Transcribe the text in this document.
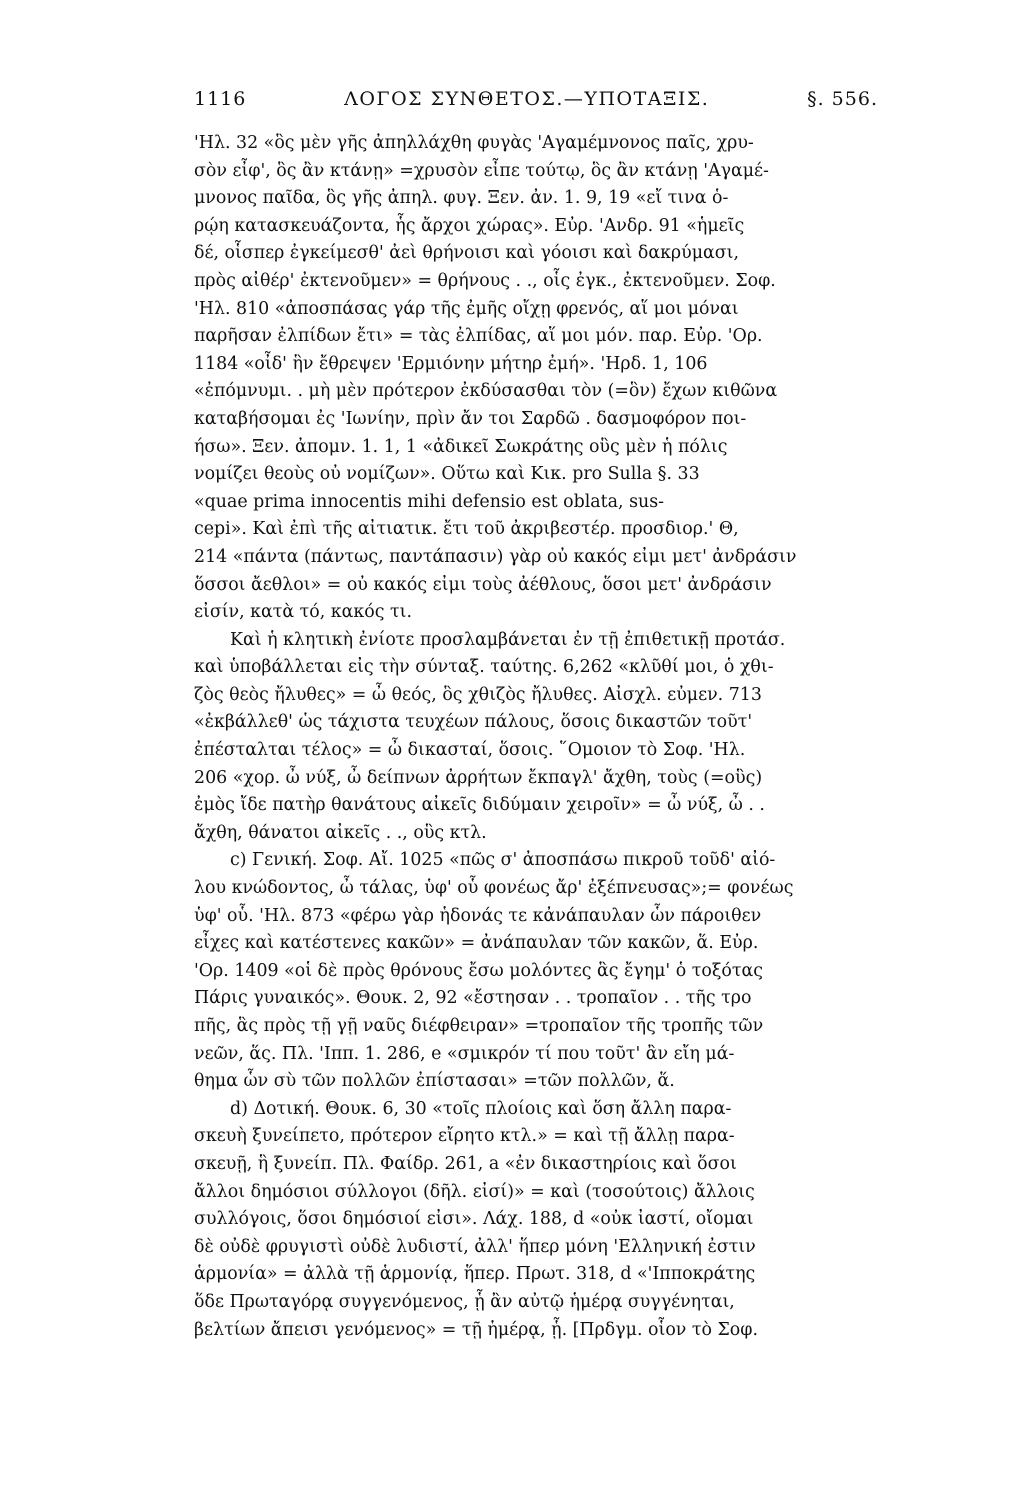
1116	ΛΟΓΟΣ ΣΥΝΘΕΤΟΣ.—ΥΠΟΤΑΞΙΣ.	§. 556.
'Ηλ. 32 «ὃς μὲν γῆς ἀπηλλάχθη φυγὰς 'Αγαμέμνονος παῖς, χρυ-
σὸν εἶφ', ὃς ἂν κτάνῃ» =χρυσὸν εἶπε τούτῳ, ὃς ἂν κτάνῃ 'Αγαμέ-
μνονος παῖδα, ὃς γῆς ἀπηλ. φυγ. Ξεν. ἀν. 1. 9, 19 «εἴ τινα ὁ-
ρῴη κατασκευάζοντα, ἧς ἄρχοι χώρας». Εὐρ. 'Ανδρ. 91 «ἡμεῖς
δέ, οἷσπερ ἐγκείμεσθ' ἀεὶ θρήνοισι καὶ γόοισι καὶ δακρύμασι,
πρὸς αἰθέρ' ἐκτενοῦμεν» = θρήνους . ., οἷς ἐγκ., ἐκτενοῦμεν. Σοφ.
'Ηλ. 810 «ἀποσπάσας γάρ τῆς ἐμῆς οἴχῃ φρενός, αἵ μοι μόναι
παρῆσαν ἐλπίδων ἔτι» = τὰς ἐλπίδας, αἵ μοι μόν. παρ. Εὐρ. 'Ορ.
1184 «οἶδ' ἣν ἔθρεψεν 'Ερμιόνην μήτηρ ἐμή». 'Ηρδ. 1, 106
«ἐπόμνυμι. . μὴ μὲν πρότερον ἐκδύσασθαι τὸν (=ὃν) ἔχων κιθῶνα
καταβήσομαι ἐς 'Ιωνίην, πρὶν ἄν τοι Σαρδῶ . δασμοφόρον ποι-
ήσω». Ξεν. ἀπομν. 1. 1, 1 «ἀδικεῖ Σωκράτης οὓς μὲν ἡ πόλις
νομίζει θεοὺς οὐ νομίζων». Οὕτω καὶ Κικ. pro Sulla §. 33
«quae prima innocentis mihi defensio est oblata, sus-
cepi». Καὶ ἐπὶ τῆς αἰτιατικ. ἔτι τοῦ ἀκριβεστέρ. προσδιορ.' Θ,
214 «πάντα (πάντως, παντάπασιν) γὰρ οὐ κακός εἰμι μετ' ἀνδράσιν
ὅσσοι ἄεθλοι» = οὐ κακός εἰμι τοὺς ἀέθλους, ὅσοι μετ' ἀνδράσιν
εἰσίν, κατὰ τό, κακός τι.
Καὶ ἡ κλητικὴ ἐνίοτε προσλαμβάνεται ἐν τῇ ἐπιθετικῇ προτάσ.
καὶ ὑποβάλλεται εἰς τὴν σύνταξ. ταύτης. 6,262 «κλῦθί μοι, ὁ χθι-
ζὸς θεὸς ἤλυθες» = ὦ θεός, ὃς χθιζὸς ἤλυθες. Αἰσχλ. εὐμεν. 713
«ἐκβάλλεθ' ὡς τάχιστα τευχέων πάλους, ὅσοις δικαστῶν τοῦτ'
ἐπέσταλται τέλος» = ὦ δικασταί, ὅσοις. ῞Ομοιον τὸ Σοφ. 'Ηλ.
206 «χορ. ὦ νύξ, ὦ δείπνων ἀρρήτων ἔκπαγλ' ἄχθη, τοὺς (=οὓς)
ἐμὸς ἴδε πατὴρ θανάτους αἰκεῖς διδύμαιν χειροῖν» = ὦ νύξ, ὦ . .
ἄχθη, θάνατοι αἰκεῖς . ., οὓς κτλ.
c) Γενική. Σοφ. Αἴ. 1025 «πῶς σ' ἀποσπάσω πικροῦ τοῦδ' αἰό-
λου κνώδοντος, ὦ τάλας, ὑφ' οὗ φονέως ἄρ' ἐξέπνευσας»;= φονέως
ὑφ' οὗ. 'Ηλ. 873 «φέρω γὰρ ἡδονάς τε κἀνάπαυλαν ὧν πάροιθεν
εἶχες καὶ κατέστενες κακῶν» = ἀνάπαυλαν τῶν κακῶν, ἅ. Εὐρ.
'Ορ. 1409 «οἱ δὲ πρὸς θρόνους ἔσω μολόντες ἃς ἔγημ' ὁ τοξότας
Πάρις γυναικός». Θουκ. 2, 92 «ἔστησαν . . τροπαῖον . . τῆς τρο
πῆς, ἃς πρὸς τῇ γῇ ναῦς διέφθειραν» =τροπαῖον τῆς τροπῆς τῶν
νεῶν, ἅς. Πλ. 'Ιππ. 1. 286, e «σμικρόν τί που τοῦτ' ἂν εἴη μά-
θημα ὧν σὺ τῶν πολλῶν ἐπίστασαι» =τῶν πολλῶν, ἅ.
d) Δοτική. Θουκ. 6, 30 «τοῖς πλοίοις καὶ ὅση ἄλλη παρα-
σκευὴ ξυνείπετο, πρότερον εἴρητο κτλ.» = καὶ τῇ ἄλλῃ παρα-
σκευῇ, ἣ ξυνείπ. Πλ. Φαίδρ. 261, a «ἐν δικαστηρίοις καὶ ὅσοι
ἄλλοι δημόσιοι σύλλογοι (δῆλ. εἰσί)» = καὶ (τοσούτοις) ἄλλοις
συλλόγοις, ὅσοι δημόσιοί εἰσι». Λάχ. 188, d «οὐκ ἰαστί, οἴομαι
δὲ οὐδὲ φρυγιστὶ οὐδὲ λυδιστί, ἀλλ' ἥπερ μόνη 'Ελληνική ἐστιν
ἁρμονία» = ἀλλὰ τῇ ἁρμονίᾳ, ἥπερ. Πρωτ. 318, d «'Ιπποκράτης
ὅδε Πρωταγόρᾳ συγγενόμενος, ᾗ ἂν αὐτῷ ἡμέρᾳ συγγένηται,
βελτίων ἄπεισι γενόμενος» = τῇ ἡμέρᾳ, ᾗ. [Πρδγμ. οἷον τὸ Σοφ.
